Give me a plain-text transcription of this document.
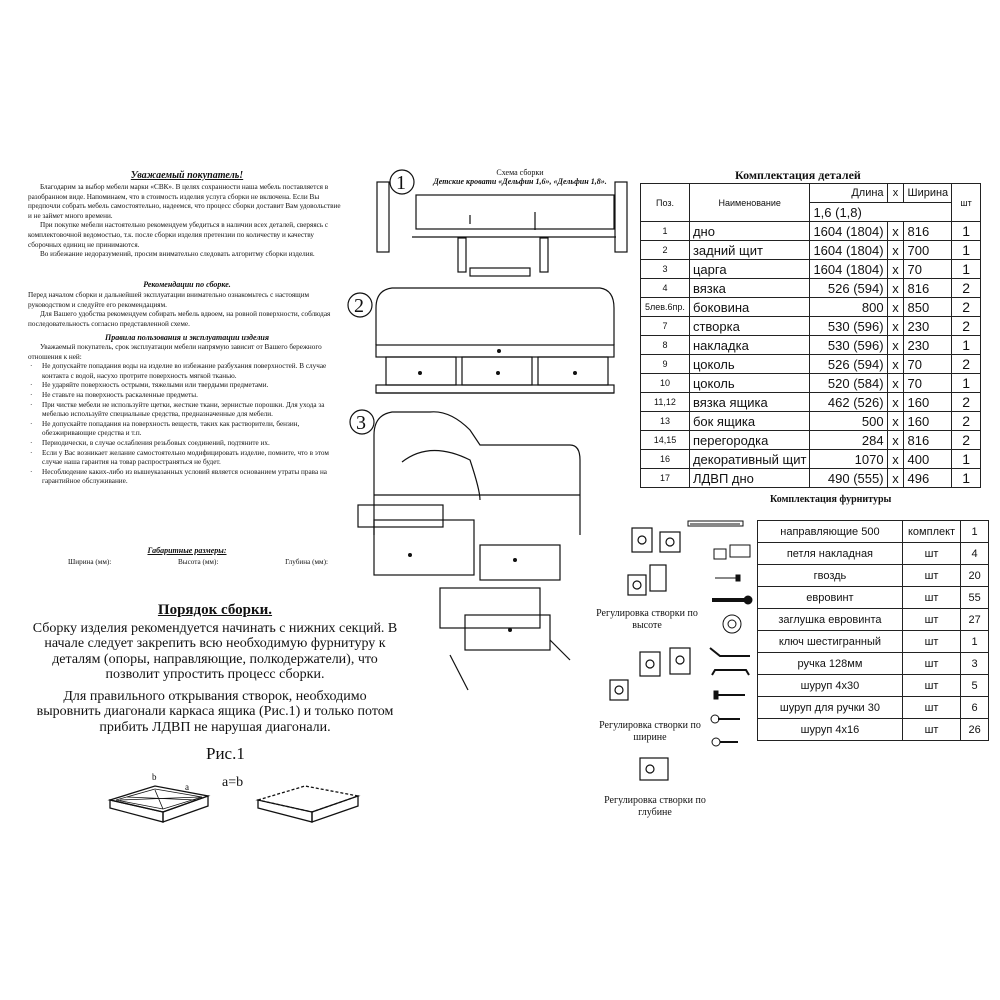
Уважаемый покупатель!

Благодарим за выбор мебели марки «СВК». В целях сохранности наша мебель поставляется в разобранном виде. Напоминаем, что в стоимость изделия услуга сборки не включена. Если Вы предпочли собрать мебель самостоятельно, надеемся, что процесс сборки доставит Вам удовольствие и не займет много времени.

При покупке мебели настоятельно рекомендуем убедиться в наличии всех деталей, сверяясь с комплектовочной ведомостью, т.к. после сборки изделия претензии по количеству и качеству сборочных единиц не принимаются.

Во избежание недоразумений, просим внимательно следовать алгоритму сборки изделия.

Рекомендации по сборке.

Перед началом сборки и дальнейшей эксплуатации внимательно ознакомьтесь с настоящим руководством и следуйте его рекомендациям.

Для Вашего удобства рекомендуем собирать мебель вдвоем, на ровной поверхности, соблюдая последовательность согласно представленной схеме.

Правила пользования и эксплуатации изделия

Уважаемый покупатель, срок эксплуатации мебели напрямую зависит от Вашего бережного отношения к ней:

· Не допускайте попадания воды на изделие во избежание разбухания поверхностей. В случае контакта с водой, насухо протрите поверхность мягкой тканью.
· Не ударяйте поверхность острыми, тяжелыми или твердыми предметами.
· Не ставьте на поверхность раскаленные предметы.
· При чистке мебели не используйте щетки, жесткие ткани, зернистые порошки. Для ухода за мебелью используйте специальные средства, предназначенные для мебели.
· Не допускайте попадания на поверхность веществ, таких как растворители, бензин, обезжиривающие средства и т.п.
· Периодически, в случае ослабления резьбовых соединений, подтяните их.
· Если у Вас возникает желание самостоятельно модифицировать изделие, помните, что в этом случае наша гарантия на товар распространяться не будет.
· Несоблюдение каких-либо из вышеуказанных условий является основанием утраты права на гарантийное обслуживание.
Габаритные размеры:
Ширина (мм):	Высота (мм):	Глубина (мм):
Порядок сборки.
Сборку изделия рекомендуется начинать с нижних секций. В начале следует закрепить всю необходимую фурнитуру к деталям (опоры, направляющие, полкодержатели), что позволит упростить процесс сборки.
Для правильного открывания створок, необходимо выровнить диагонали каркаса ящика (Рис.1) и только потом прибить ЛДВП не нарушая диагонали.
Рис.1
a=b
b
a
Схема сборки
Детские кровати «Дельфин 1,6», «Дельфин 1,8».
1
2
3
Комплектация деталей
Поз.	Наименование	Длина	x	Ширина	шт
		1,6 (1,8)			
1	дно	1604 (1804)	x	816	1
2	задний щит	1604 (1804)	x	700	1
3	царга	1604 (1804)	x	70	1
4	вязка	526 (594)	x	816	2
5лев.6пр.	боковина	800	x	850	2
7	створка	530 (596)	x	230	2
8	накладка	530 (596)	x	230	1
9	цоколь	526 (594)	x	70	2
10	цоколь	520 (584)	x	70	1
11,12	вязка ящика	462 (526)	x	160	2
13	бок ящика	500	x	160	2
14,15	перегородка	284	x	816	2
16	декоративный щит	1070	x	400	1
17	ЛДВП дно	490 (555)	x	496	1
Комплектация фурнитуры
направляющие 500	комплект	1
петля накладная	шт	4
гвоздь	шт	20
евровинт	шт	55
заглушка евровинта	шт	27
ключ шестигранный	шт	1
ручка 128мм	шт	3
шуруп 4х30	шт	5
шуруп для ручки 30	шт	6
шуруп 4х16	шт	26
Регулировка створки по высоте
Регулировка створки по ширине
Регулировка створки по глубине
